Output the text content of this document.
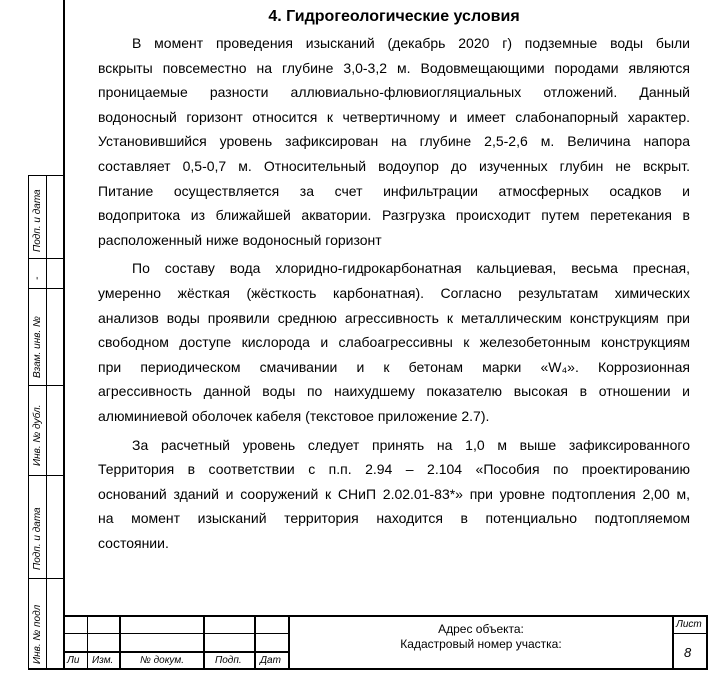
Подп. и дата
-
Взам. инв. №
Инв. № дубл.
Подп. и дата
Инв. № подл
4. Гидрогеологические условия
В момент проведения изысканий (декабрь 2020 г) подземные воды были
вскрыты повсеместно на глубине 3,0-3,2 м. Водовмещающими породами являются
проницаемые разности аллювиально-флювиогляциальных отложений. Данный
водоносный горизонт относится к четвертичному и имеет слабонапорный характер.
Установившийся уровень зафиксирован на глубине 2,5-2,6 м. Величина напора
составляет 0,5-0,7 м. Относительный водоупор до изученных глубин не вскрыт.
Питание осуществляется за счет инфильтрации атмосферных осадков и
водопритока из ближайшей акватории. Разгрузка происходит путем перетекания в
расположенный ниже водоносный горизонт
По составу вода хлоридно-гидрокарбонатная кальциевая, весьма пресная,
умеренно жёсткая (жёсткость карбонатная). Согласно результатам химических
анализов воды проявили среднюю агрессивность к металлическим конструкциям при
свободном доступе кислорода и слабоагрессивны к железобетонным конструкциям
при периодическом смачивании и к бетонам марки «W₄». Коррозионная
агрессивность данной воды по наихудшему показателю высокая в отношении и
алюминиевой оболочек кабеля (текстовое приложение 2.7).
За расчетный уровень следует принять на 1,0 м выше зафиксированного
Территория в соответствии с п.п. 2.94 – 2.104 «Пособия по проектированию
оснований зданий и сооружений к СНиП 2.02.01-83*» при уровне подтопления 2,00 м,
на момент изысканий территория находится в потенциально подтопляемом
состоянии.
Ли Изм.	№ докум.	Подп. Дат
Адрес объекта:
Кадастровый номер участка:
Лист
8
